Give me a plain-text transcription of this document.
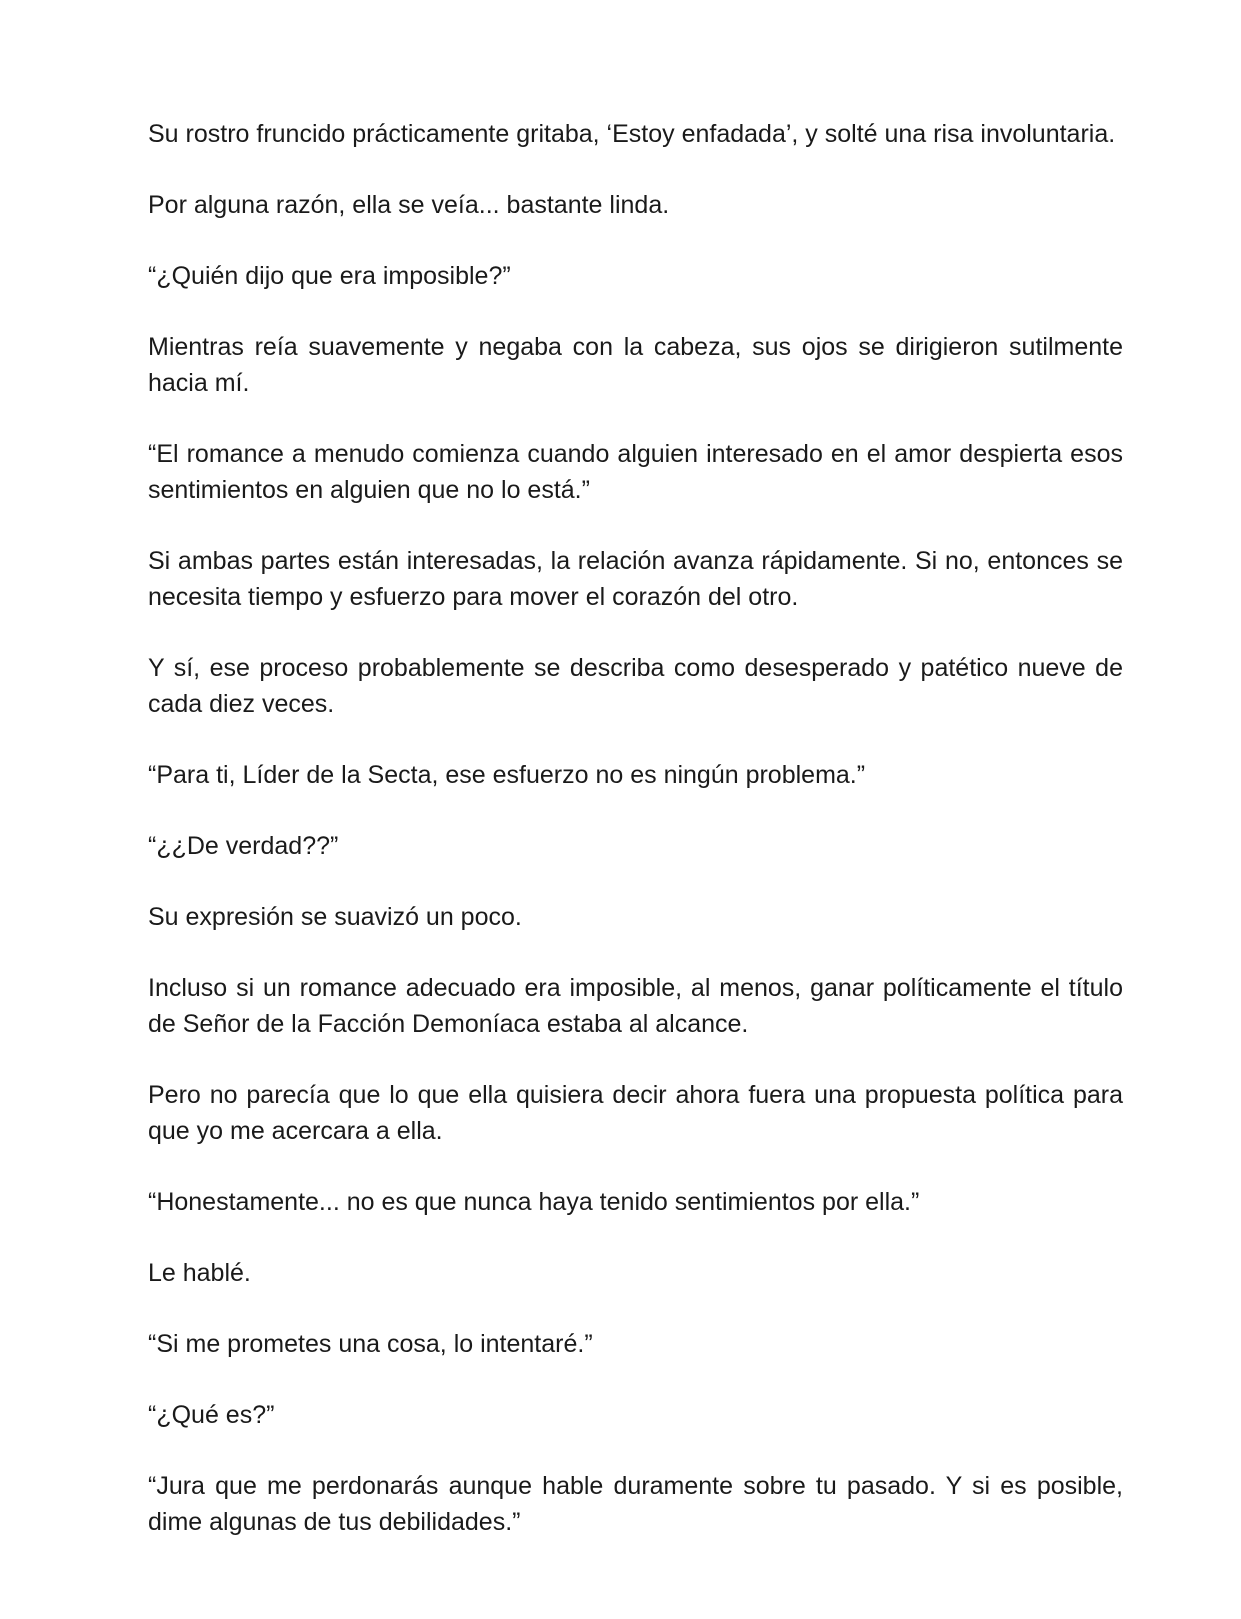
Su rostro fruncido prácticamente gritaba, ‘Estoy enfadada’, y solté una risa involuntaria.

Por alguna razón, ella se veía... bastante linda.

“¿Quién dijo que era imposible?”

Mientras reía suavemente y negaba con la cabeza, sus ojos se dirigieron sutilmente hacia mí.

“El romance a menudo comienza cuando alguien interesado en el amor despierta esos sentimientos en alguien que no lo está.”

Si ambas partes están interesadas, la relación avanza rápidamente. Si no, entonces se necesita tiempo y esfuerzo para mover el corazón del otro.

Y sí, ese proceso probablemente se describa como desesperado y patético nueve de cada diez veces.

“Para ti, Líder de la Secta, ese esfuerzo no es ningún problema.”

“¿¿De verdad??”

Su expresión se suavizó un poco.

Incluso si un romance adecuado era imposible, al menos, ganar políticamente el título de Señor de la Facción Demoníaca estaba al alcance.

Pero no parecía que lo que ella quisiera decir ahora fuera una propuesta política para que yo me acercara a ella.

“Honestamente... no es que nunca haya tenido sentimientos por ella.”

Le hablé.

“Si me prometes una cosa, lo intentaré.”

“¿Qué es?”

“Jura que me perdonarás aunque hable duramente sobre tu pasado. Y si es posible, dime algunas de tus debilidades.”
